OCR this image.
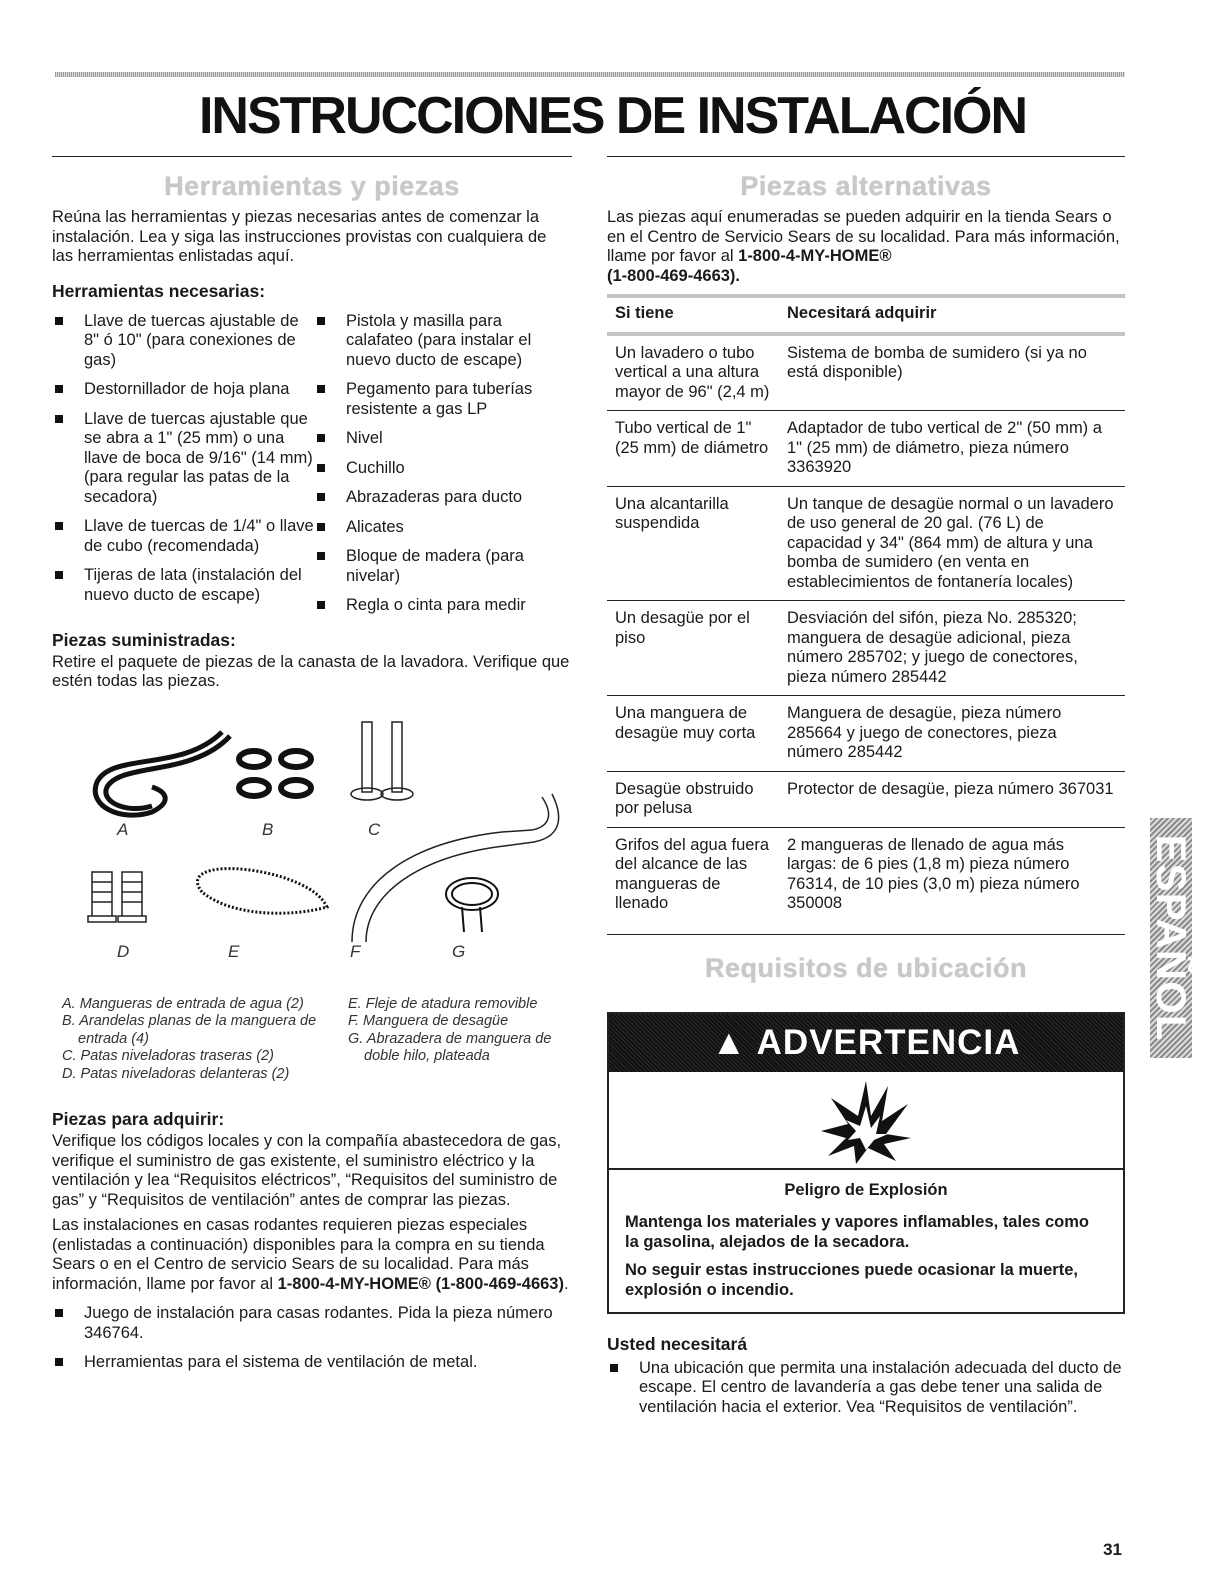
INSTRUCCIONES DE INSTALACIÓN
Herramientas y piezas

Reúna las herramientas y piezas necesarias antes de comenzar la instalación. Lea y siga las instrucciones provistas con cualquiera de las herramientas enlistadas aquí.

Herramientas necesarias:
Llave de tuercas ajustable de 8" ó 10" (para conexiones de gas)
Destornillador de hoja plana
Llave de tuercas ajustable que se abra a 1" (25 mm) o una llave de boca de 9/16" (14 mm) (para regular las patas de la secadora)
Llave de tuercas de 1/4" o llave de cubo (recomendada)
Tijeras de lata (instalación del nuevo ducto de escape)
Pistola y masilla para calafateo (para instalar el nuevo ducto de escape)
Pegamento para tuberías resistente a gas LP
Nivel
Cuchillo
Abrazaderas para ducto
Alicates
Bloque de madera (para nivelar)
Regla o cinta para medir
Piezas suministradas:

Retire el paquete de piezas de la canasta de la lavadora. Verifique que estén todas las piezas.

A	B	C
D	E	F	G
A. Mangueras de entrada de agua (2)
B. Arandelas planas de la manguera de entrada (4)
C. Patas niveladoras traseras (2)
D. Patas niveladoras delanteras (2)
E. Fleje de atadura removible
F. Manguera de desagüe
G. Abrazadera de manguera de doble hilo, plateada
Piezas para adquirir:

Verifique los códigos locales y con la compañía abastecedora de gas, verifique el suministro de gas existente, el suministro eléctrico y la ventilación y lea “Requisitos eléctricos”, “Requisitos del suministro de gas” y “Requisitos de ventilación” antes de comprar las piezas.

Las instalaciones en casas rodantes requieren piezas especiales (enlistadas a continuación) disponibles para la compra en su tienda Sears o en el Centro de servicio Sears de su localidad. Para más información, llame por favor al 1-800-4-MY-HOME® (1-800-469-4663).

Juego de instalación para casas rodantes. Pida la pieza número 346764.
Herramientas para el sistema de ventilación de metal.
Piezas alternativas

Las piezas aquí enumeradas se pueden adquirir en la tienda Sears o en el Centro de Servicio Sears de su localidad. Para más información, llame por favor al 1-800-4-MY-HOME®
(1-800-469-4663).

Si tiene	Necesitará adquirir
Un lavadero o tubo vertical a una altura mayor de 96" (2,4 m)	Sistema de bomba de sumidero (si ya no está disponible)
Tubo vertical de 1" (25 mm) de diámetro	Adaptador de tubo vertical de 2" (50 mm) a 1" (25 mm) de diámetro, pieza número 3363920
Una alcantarilla suspendida	Un tanque de desagüe normal o un lavadero de uso general de 20 gal. (76 L) de capacidad y 34" (864 mm) de altura y una bomba de sumidero (en venta en establecimientos de fontanería locales)
Un desagüe por el piso	Desviación del sifón, pieza No. 285320; manguera de desagüe adicional, pieza número 285702; y juego de conectores, pieza número 285442
Una manguera de desagüe muy corta	Manguera de desagüe, pieza número 285664 y juego de conectores, pieza número 285442
Desagüe obstruido por pelusa	Protector de desagüe, pieza número 367031
Grifos del agua fuera del alcance de las mangueras de llenado	2 mangueras de llenado de agua más largas: de 6 pies (1,8 m) pieza número 76314, de 10 pies (3,0 m) pieza número 350008
Requisitos de ubicación
▲ ADVERTENCIA
Peligro de Explosión

Mantenga los materiales y vapores inflamables, tales como la gasolina, alejados de la secadora.

No seguir estas instrucciones puede ocasionar la muerte, explosión o incendio.

Usted necesitará
Una ubicación que permita una instalación adecuada del ducto de escape. El centro de lavandería a gas debe tener una salida de ventilación hacia el exterior. Vea “Requisitos de ventilación”.
ESPAÑOL
31
